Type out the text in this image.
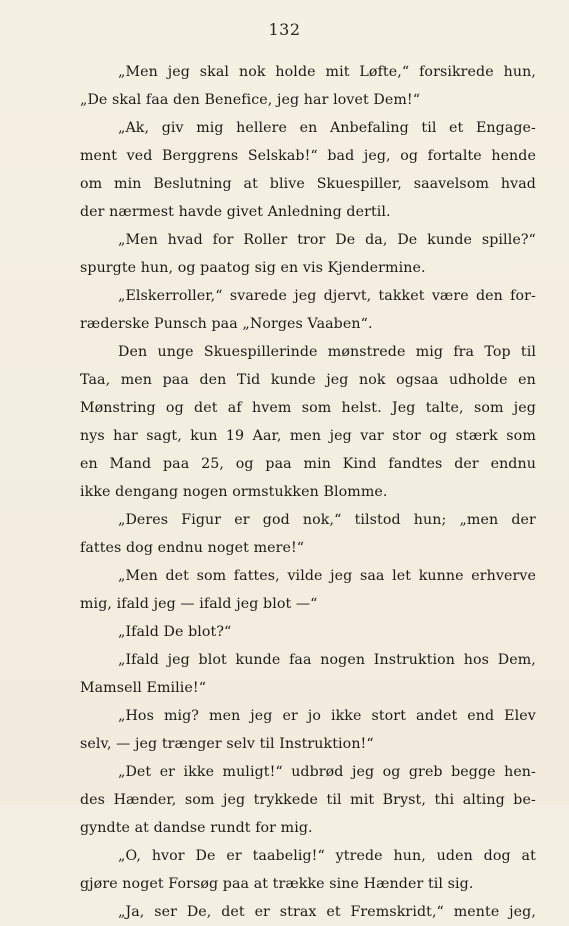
132
„Men jeg skal nok holde mit Løfte,“ forsikrede hun,
„De skal faa den Benefice, jeg har lovet Dem!“
„Ak, giv mig hellere en Anbefaling til et Engage-
ment ved Berggrens Selskab!“ bad jeg, og fortalte hende
om min Beslutning at blive Skuespiller, saavelsom hvad
der nærmest havde givet Anledning dertil.
„Men hvad for Roller tror De da, De kunde spille?“
spurgte hun, og paatog sig en vis Kjendermine.
„Elskerroller,“ svarede jeg djervt, takket være den for-
ræderske Punsch paa „Norges Vaaben“.
Den unge Skuespillerinde mønstrede mig fra Top til
Taa, men paa den Tid kunde jeg nok ogsaa udholde en
Mønstring og det af hvem som helst. Jeg talte, som jeg
nys har sagt, kun 19 Aar, men jeg var stor og stærk som
en Mand paa 25, og paa min Kind fandtes der endnu
ikke dengang nogen ormstukken Blomme.
„Deres Figur er god nok,“ tilstod hun; „men der
fattes dog endnu noget mere!“
„Men det som fattes, vilde jeg saa let kunne erhverve
mig, ifald jeg — ifald jeg blot —“
„Ifald De blot?“
„Ifald jeg blot kunde faa nogen Instruktion hos Dem,
Mamsell Emilie!“
„Hos mig? men jeg er jo ikke stort andet end Elev
selv, — jeg trænger selv til Instruktion!“
„Det er ikke muligt!“ udbrød jeg og greb begge hen-
des Hænder, som jeg trykkede til mit Bryst, thi alting be-
gyndte at dandse rundt for mig.
„O, hvor De er taabelig!“ ytrede hun, uden dog at
gjøre noget Forsøg paa at trække sine Hænder til sig.
„Ja, ser De, det er strax et Fremskridt,“ mente jeg,
